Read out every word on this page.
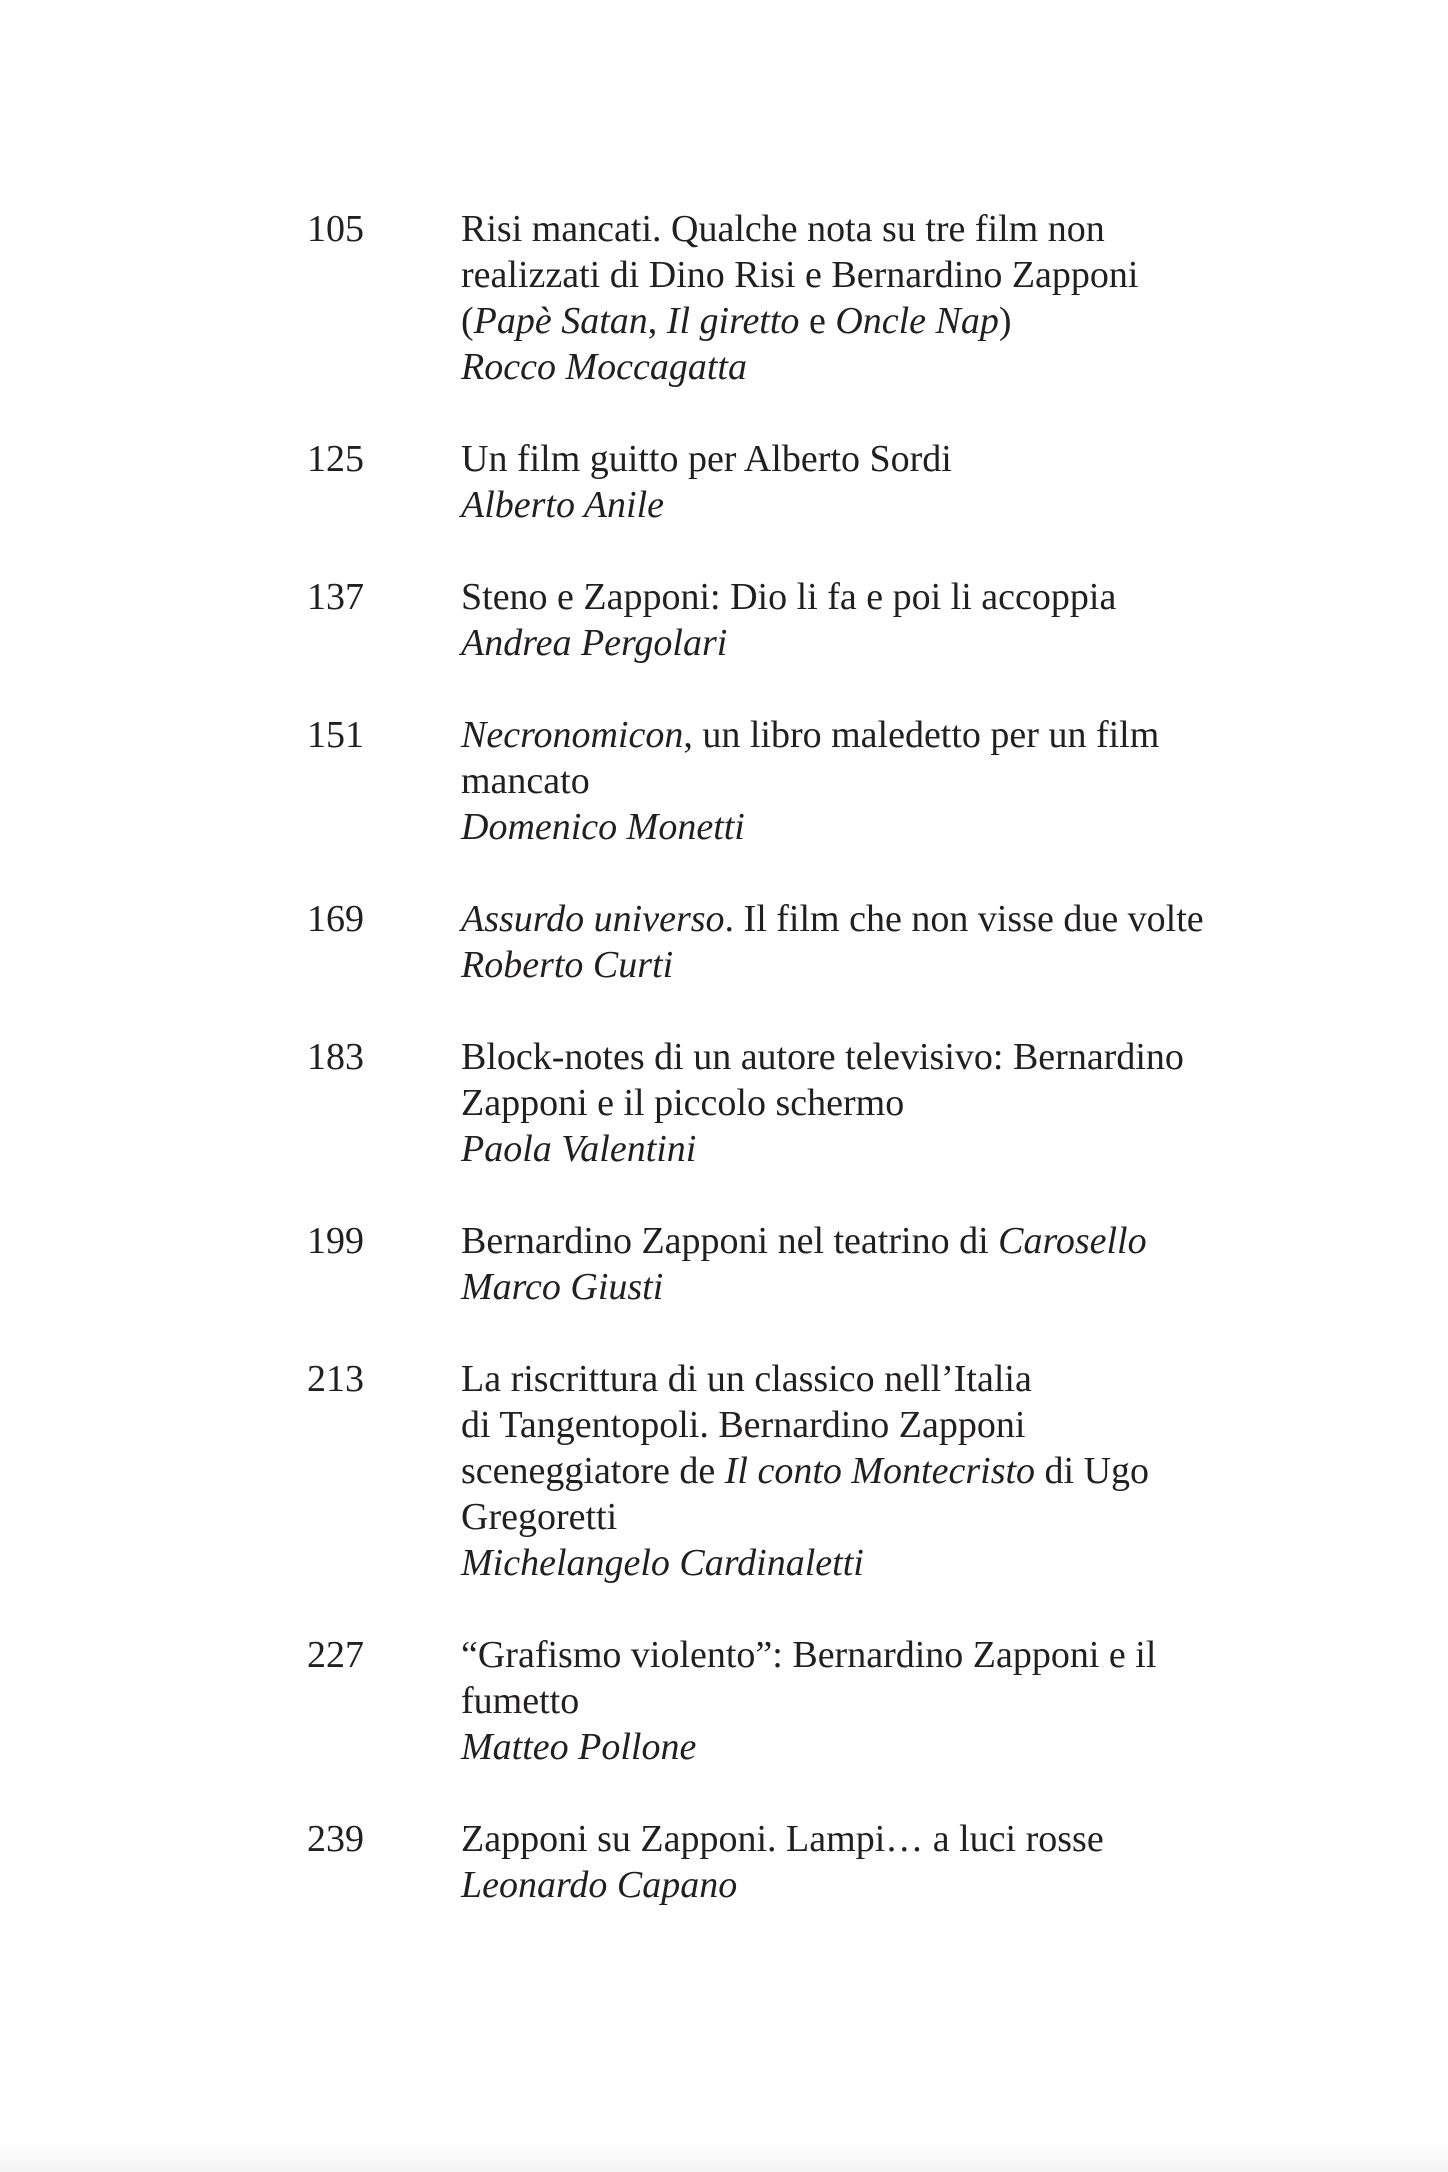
105	Risi mancati. Qualche nota su tre film non
realizzati di Dino Risi e Bernardino Zapponi
(Papè Satan, Il giretto e Oncle Nap)
Rocco Moccagatta
125	Un film guitto per Alberto Sordi
Alberto Anile
137	Steno e Zapponi: Dio li fa e poi li accoppia
Andrea Pergolari
151	Necronomicon, un libro maledetto per un film
mancato
Domenico Monetti
169	Assurdo universo. Il film che non visse due volte
Roberto Curti
183	Block-notes di un autore televisivo: Bernardino
Zapponi e il piccolo schermo
Paola Valentini
199	Bernardino Zapponi nel teatrino di Carosello
Marco Giusti
213	La riscrittura di un classico nell’Italia
di Tangentopoli. Bernardino Zapponi
sceneggiatore de Il conto Montecristo di Ugo
Gregoretti
Michelangelo Cardinaletti
227	“Grafismo violento”: Bernardino Zapponi e il
fumetto
Matteo Pollone
239	Zapponi su Zapponi. Lampi… a luci rosse
Leonardo Capano
